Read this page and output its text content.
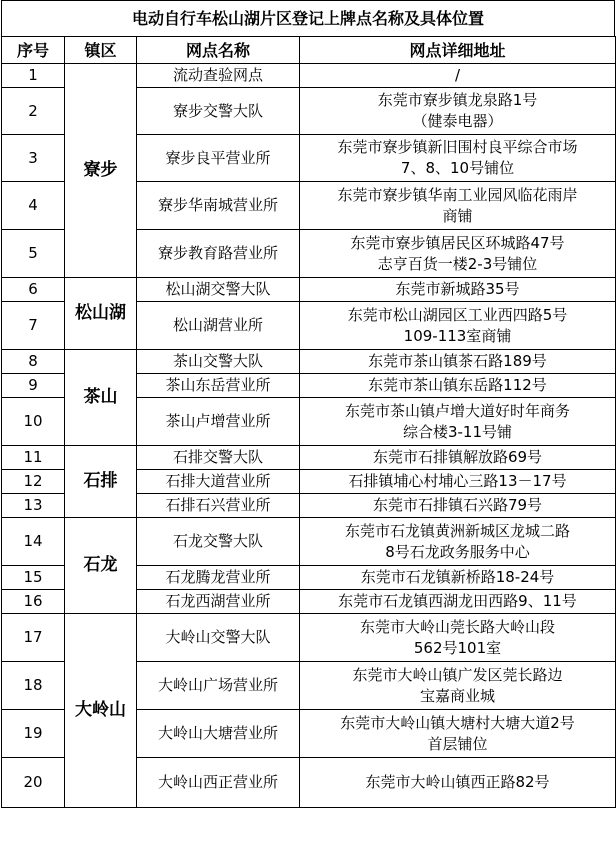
电动自行车松山湖片区登记上牌点名称及具体位置
序号	镇区	网点名称	网点详细地址
1	寮步	流动查验网点	/
2		寮步交警大队	东莞市寮步镇龙泉路1号
（健泰电器）
3		寮步良平营业所	东莞市寮步镇新旧围村良平综合市场
7、8、10号铺位
4		寮步华南城营业所	东莞市寮步镇华南工业园风临花雨岸
商铺
5		寮步教育路营业所	东莞市寮步镇居民区环城路47号
志亨百货一楼2-3号铺位
6	松山湖	松山湖交警大队	东莞市新城路35号
7		松山湖营业所	东莞市松山湖园区工业西四路5号
109-113室商铺
8	茶山	茶山交警大队	东莞市茶山镇茶石路189号
9		茶山东岳营业所	东莞市茶山镇东岳路112号
10		茶山卢增营业所	东莞市茶山镇卢增大道好时年商务
综合楼3-11号铺
11	石排	石排交警大队	东莞市石排镇解放路69号
12		石排大道营业所	石排镇埔心村埔心三路13－17号
13		石排石兴营业所	东莞市石排镇石兴路79号
14	石龙	石龙交警大队	东莞市石龙镇黄洲新城区龙城二路
8号石龙政务服务中心
15		石龙腾龙营业所	东莞市石龙镇新桥路18-24号
16		石龙西湖营业所	东莞市石龙镇西湖龙田西路9、11号
17	大岭山	大岭山交警大队	东莞市大岭山莞长路大岭山段
562号101室
18		大岭山广场营业所	东莞市大岭山镇广发区莞长路边
宝嘉商业城
19		大岭山大塘营业所	东莞市大岭山镇大塘村大塘大道2号
首层铺位
20		大岭山西正营业所	东莞市大岭山镇西正路82号
